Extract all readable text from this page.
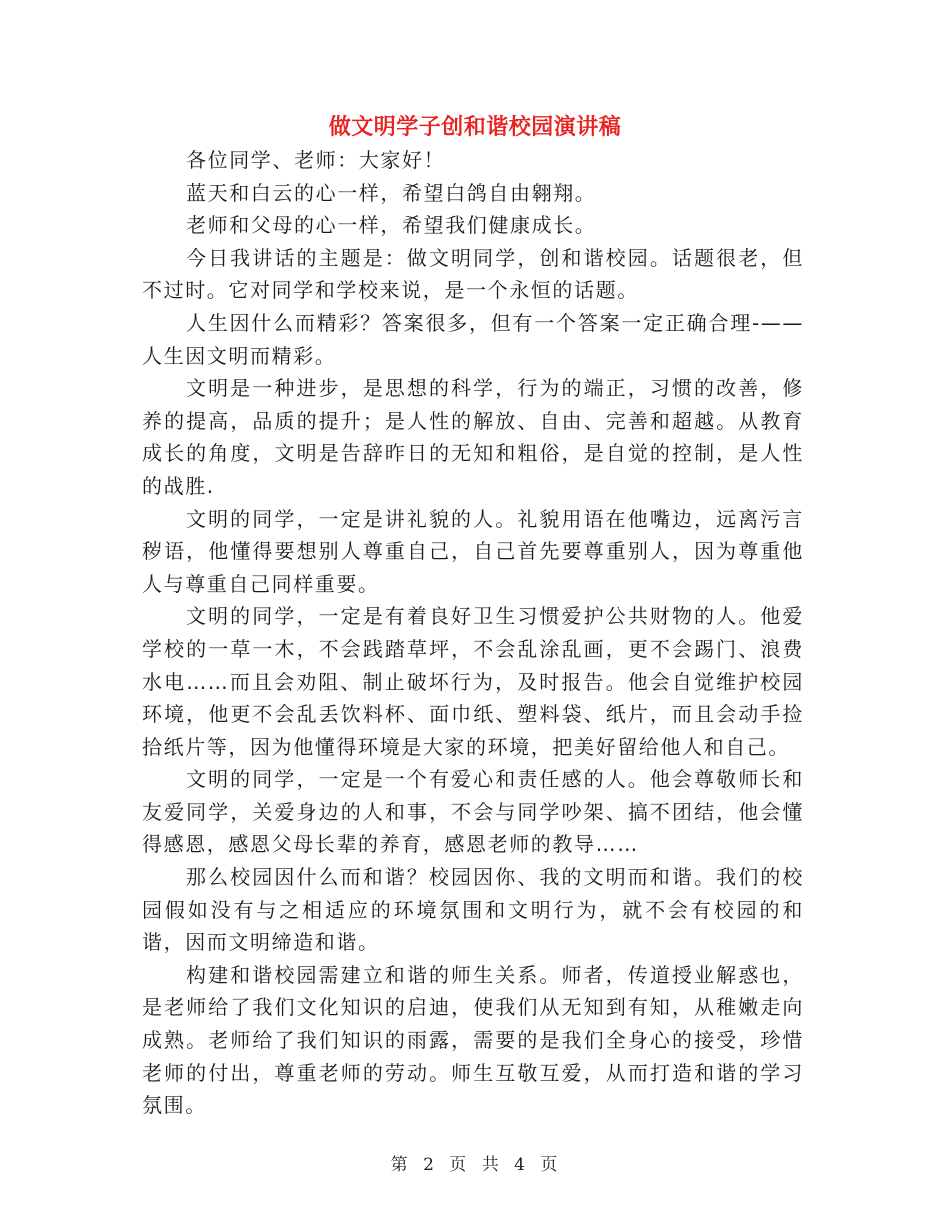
做文明学子创和谐校园演讲稿

各位同学、老师：大家好！

蓝天和白云的心一样，希望白鸽自由翱翔。

老师和父母的心一样，希望我们健康成长。

今日我讲话的主题是：做文明同学，创和谐校园。话题很老，但不过时。它对同学和学校来说，是一个永恒的话题。

人生因什么而精彩？答案很多，但有一个答案一定正确合理-——人生因文明而精彩。

文明是一种进步，是思想的科学，行为的端正，习惯的改善，修养的提高，品质的提升；是人性的解放、自由、完善和超越。从教育成长的角度，文明是告辞昨日的无知和粗俗，是自觉的控制，是人性的战胜.

文明的同学，一定是讲礼貌的人。礼貌用语在他嘴边，远离污言秽语，他懂得要想别人尊重自己，自己首先要尊重别人，因为尊重他人与尊重自己同样重要。

文明的同学，一定是有着良好卫生习惯爱护公共财物的人。他爱学校的一草一木，不会践踏草坪，不会乱涂乱画，更不会踢门、浪费水电……而且会劝阻、制止破坏行为，及时报告。他会自觉维护校园环境，他更不会乱丢饮料杯、面巾纸、塑料袋、纸片，而且会动手捡拾纸片等，因为他懂得环境是大家的环境，把美好留给他人和自己。

文明的同学，一定是一个有爱心和责任感的人。他会尊敬师长和友爱同学，关爱身边的人和事，不会与同学吵架、搞不团结，他会懂得感恩，感恩父母长辈的养育，感恩老师的教导……

那么校园因什么而和谐？校园因你、我的文明而和谐。我们的校园假如没有与之相适应的环境氛围和文明行为，就不会有校园的和谐，因而文明缔造和谐。

构建和谐校园需建立和谐的师生关系。师者，传道授业解惑也，是老师给了我们文化知识的启迪，使我们从无知到有知，从稚嫩走向成熟。老师给了我们知识的雨露，需要的是我们全身心的接受，珍惜老师的付出，尊重老师的劳动。师生互敬互爱，从而打造和谐的学习氛围。

第 2 页 共 4 页
